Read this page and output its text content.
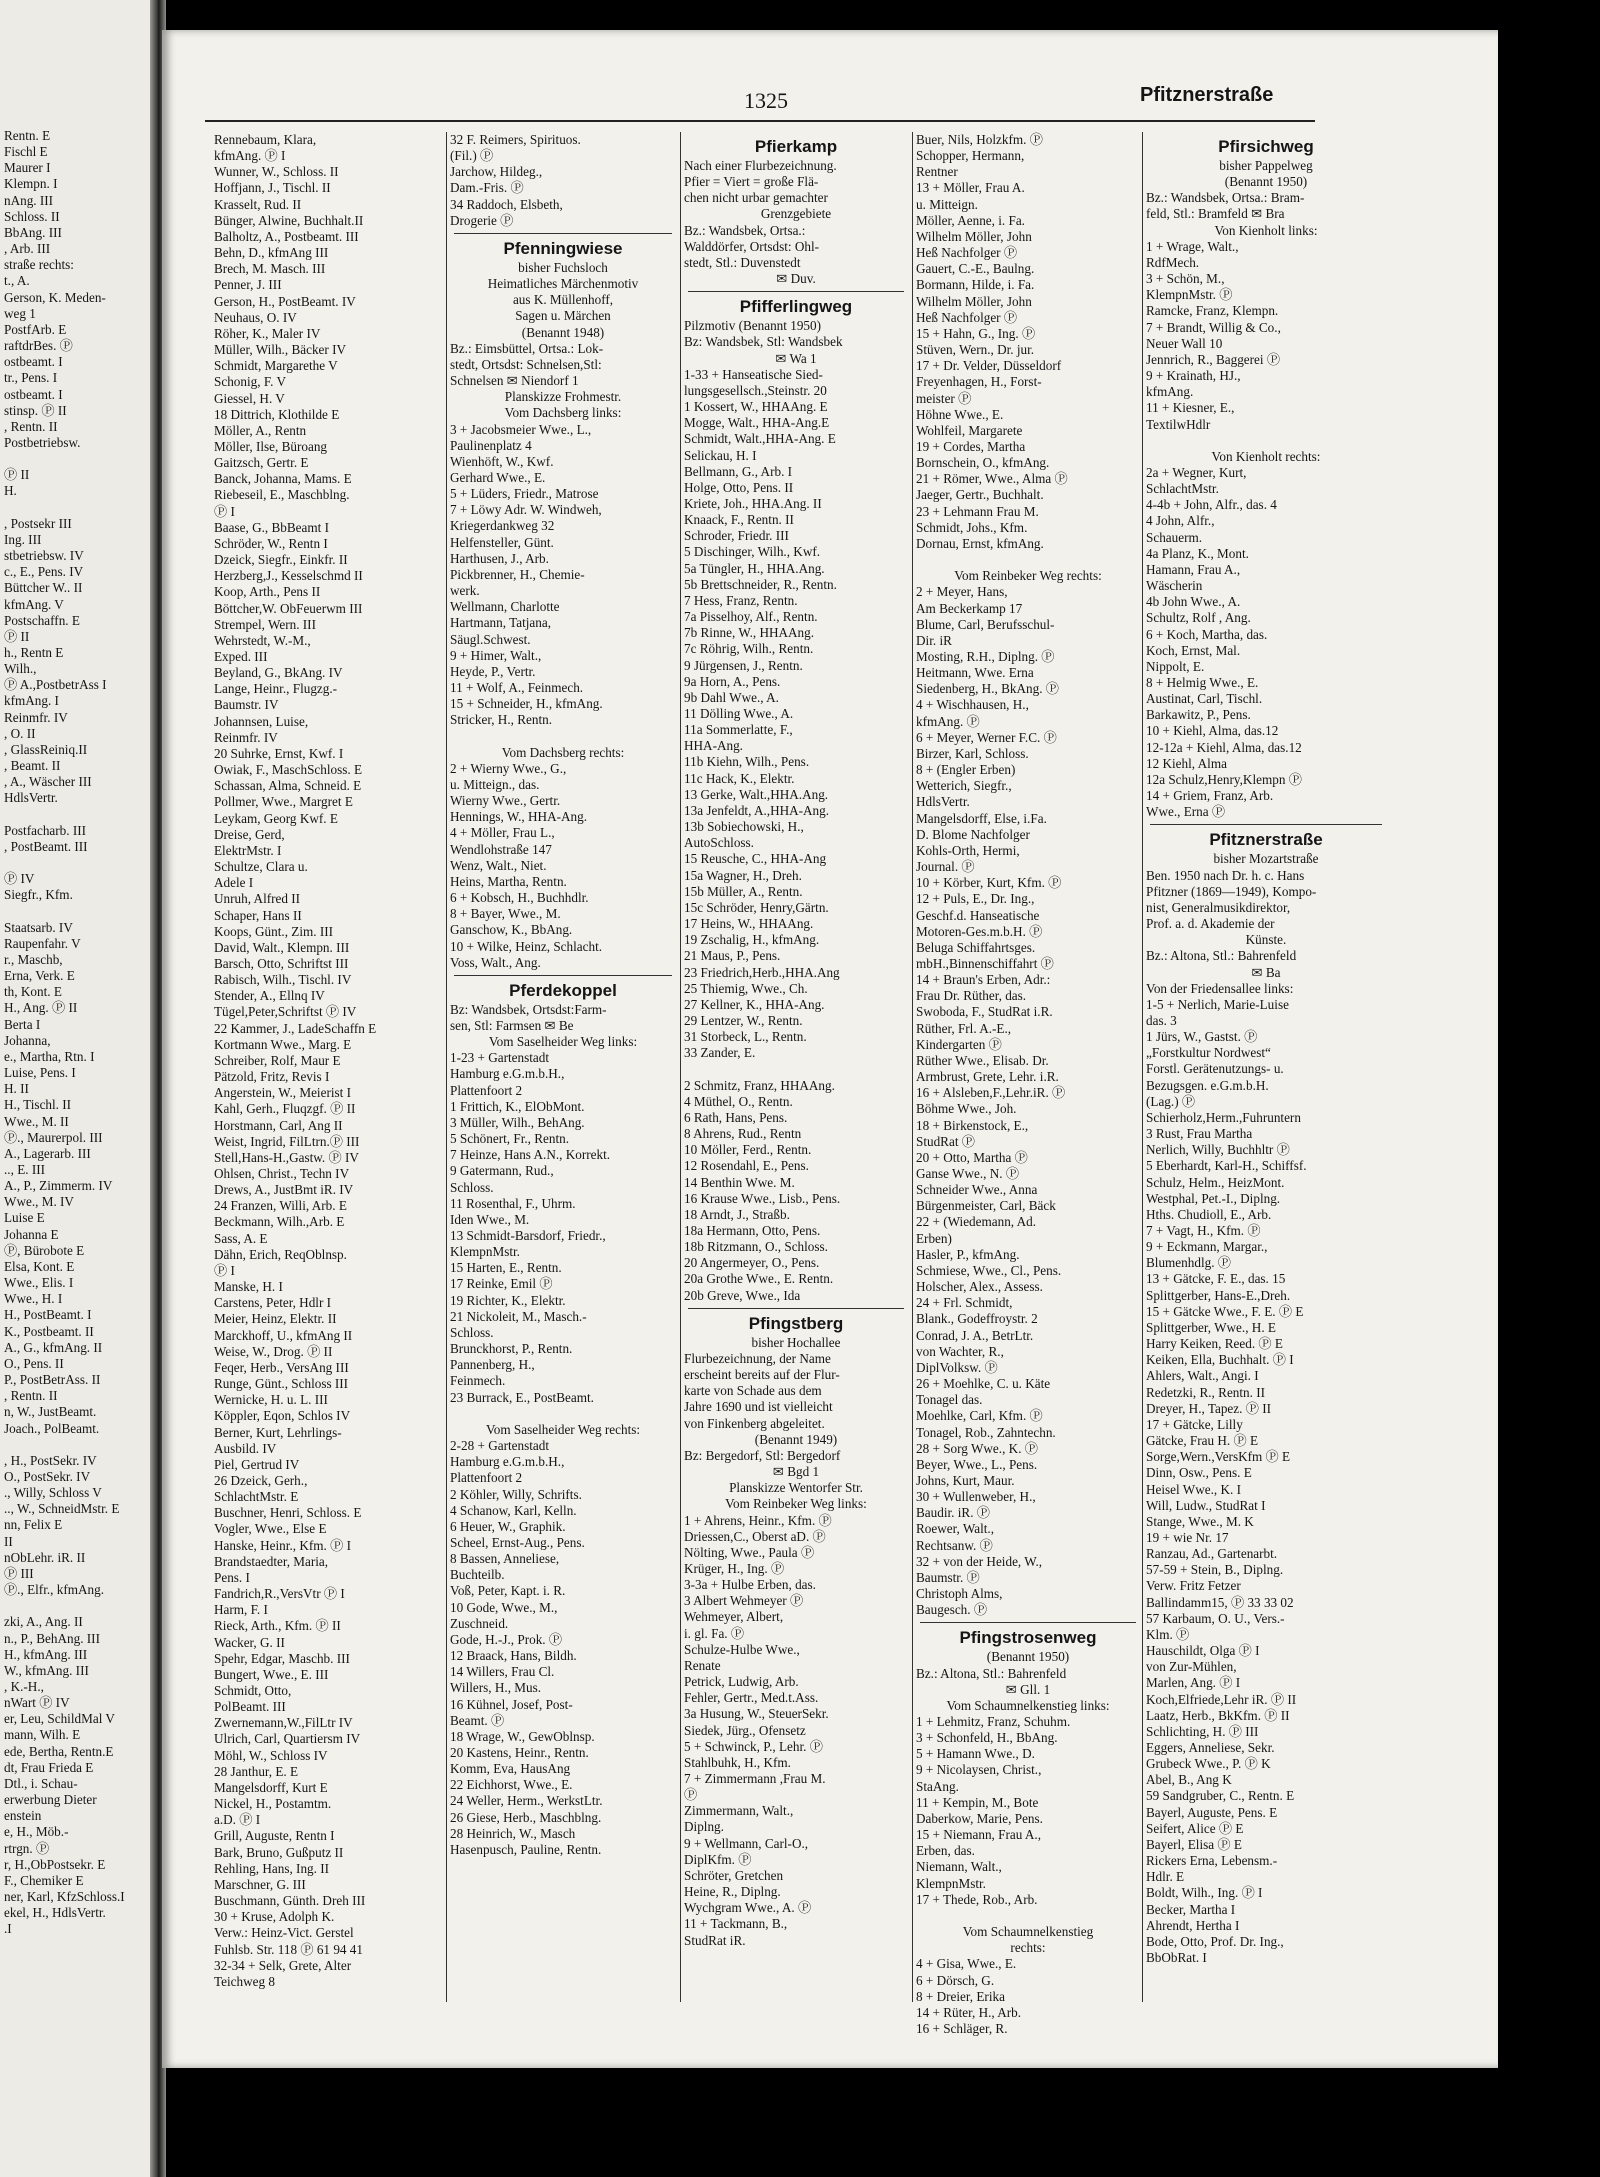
Rentn. E
Fischl E
Maurer I
Klempn. I
nAng. III
Schloss. II
BbAng. III
, Arb. III
straße rechts:
t., A.
Gerson, K. Meden-
weg 1
PostfArb. E
raftdrBes. Ⓟ
ostbeamt. I
tr., Pens. I
ostbeamt. I
stinsp. Ⓟ II
, Rentn. II
Postbetriebsw.

Ⓟ II
H.

, Postsekr III
Ing. III
stbetriebsw. IV
c., E., Pens. IV
Büttcher W.. II
kfmAng. V
Postschaffn. E
Ⓟ II
h., Rentn E
Wilh.,
Ⓟ A.,PostbetrAss I
kfmAng. I
Reinmfr. IV
, O. II
, GlassReiniq.II
, Beamt. II
, A., Wäscher III
HdlsVertr.

Postfacharb. III
, PostBeamt. III

Ⓟ IV
Siegfr., Kfm.

Staatsarb. IV
Raupenfahr. V
r., Maschb,
Erna, Verk. E
th, Kont. E
H., Ang. Ⓟ II
Berta I
Johanna,
e., Martha, Rtn. I
Luise, Pens. I
H. II
H., Tischl. II
Wwe., M. II
Ⓟ., Maurerpol. III
A., Lagerarb. III
.., E. III
A., P., Zimmerm. IV
Wwe., M. IV
Luise E
Johanna E
Ⓟ, Bürobote E
Elsa, Kont. E
Wwe., Elis. I
Wwe., H. I
H., PostBeamt. I
K., Postbeamt. II
A., G., kfmAng. II
O., Pens. II
P., PostBetrAss. II
, Rentn. II
n, W., JustBeamt.
Joach., PolBeamt.

, H., PostSekr. IV
O., PostSekr. IV
., Willy, Schloss V
.., W., SchneidMstr. E
nn, Felix E
II
nObLehr. iR. II
Ⓟ III
Ⓟ., Elfr., kfmAng.

zki, A., Ang. II
n., P., BehAng. III
H., kfmAng. III
W., kfmAng. III
, K.-H.,
nWart Ⓟ IV
er, Leu, SchildMal V
mann, Wilh. E
ede, Bertha, Rentn.E
dt, Frau Frieda E
Dtl., i. Schau-
erwerbung Dieter
enstein
e, H., Möb.-
rtrgn. Ⓟ
r, H.,ObPostsekr. E
F., Chemiker E
ner, Karl, KfzSchloss.I
ekel, H., HdlsVertr.
.I
1325	Pfitznerstraße
Rennebaum, Klara,
kfmAng. Ⓟ I
Wunner, W., Schloss. II
Hoffjann, J., Tischl. II
Krasselt, Rud. II
Bünger, Alwine, Buchhalt.II
Balholtz, A., Postbeamt. III
Behn, D., kfmAng III
Brech, M. Masch. III
Penner, J. III
Gerson, H., PostBeamt. IV
Neuhaus, O. IV
Röher, K., Maler IV
Müller, Wilh., Bäcker IV
Schmidt, Margarethe V
Schonig, F. V
Giessel, H. V
18 Dittrich, Klothilde E
Möller, A., Rentn
Möller, Ilse, Büroang
Gaitzsch, Gertr. E
Banck, Johanna, Mams. E
Riebeseil, E., Maschblng.
Ⓟ I
Baase, G., BbBeamt I
Schröder, W., Rentn I
Dzeick, Siegfr., Einkfr. II
Herzberg,J., Kesselschmd II
Koop, Arth., Pens II
Böttcher,W. ObFeuerwm III
Strempel, Wern. III
Wehrstedt, W.-M.,
Exped. III
Beyland, G., BkAng. IV
Lange, Heinr., Flugzg.-
Baumstr. IV
Johannsen, Luise,
Reinmfr. IV
20 Suhrke, Ernst, Kwf. I
Owiak, F., MaschSchloss. E
Schassan, Alma, Schneid. E
Pollmer, Wwe., Margret E
Leykam, Georg Kwf. E
Dreise, Gerd,
ElektrMstr. I
Schultze, Clara u.
Adele I
Unruh, Alfred II
Schaper, Hans II
Koops, Günt., Zim. III
David, Walt., Klempn. III
Barsch, Otto, Schriftst III
Rabisch, Wilh., Tischl. IV
Stender, A., Ellnq IV
Tügel,Peter,Schriftst Ⓟ IV
22 Kammer, J., LadeSchaffn E
Kortmann Wwe., Marg. E
Schreiber, Rolf, Maur E
Pätzold, Fritz, Revis I
Angerstein, W., Meierist I
Kahl, Gerh., Fluqzgf. Ⓟ II
Horstmann, Carl, Ang II
Weist, Ingrid, FilLtrn.Ⓟ III
Stell,Hans-H.,Gastw. Ⓟ IV
Ohlsen, Christ., Techn IV
Drews, A., JustBmt iR. IV
24 Franzen, Willi, Arb. E
Beckmann, Wilh.,Arb. E
Sass, A. E
Dähn, Erich, ReqOblnsp.
Ⓟ I
Manske, H. I
Carstens, Peter, Hdlr I
Meier, Heinz, Elektr. II
Marckhoff, U., kfmAng II
Weise, W., Drog. Ⓟ II
Feqer, Herb., VersAng III
Runge, Günt., Schloss III
Wernicke, H. u. L. III
Köppler, Eqon, Schlos IV
Berner, Kurt, Lehrlings-
Ausbild. IV
Piel, Gertrud IV
26 Dzeick, Gerh.,
SchlachtMstr. E
Buschner, Henri, Schloss. E
Vogler, Wwe., Else E
Hanske, Heinr., Kfm. Ⓟ I
Brandstaedter, Maria,
Pens. I
Fandrich,R.,VersVtr Ⓟ I
Harm, F. I
Rieck, Arth., Kfm. Ⓟ II
Wacker, G. II
Spehr, Edgar, Maschb. III
Bungert, Wwe., E. III
Schmidt, Otto,
PolBeamt. III
Zwernemann,W.,FilLtr IV
Ulrich, Carl, Quartiersm IV
Möhl, W., Schloss IV
28 Janthur, E. E
Mangelsdorff, Kurt E
Nickel, H., Postamtm.
a.D. Ⓟ I
Grill, Auguste, Rentn I
Bark, Bruno, Gußputz II
Rehling, Hans, Ing. II
Marschner, G. III
Buschmann, Günth. Dreh III
30 + Kruse, Adolph K.
Verw.: Heinz-Vict. Gerstel
Fuhlsb. Str. 118 Ⓟ 61 94 41
32-34 + Selk, Grete, Alter
Teichweg 8
32 F. Reimers, Spirituos.
(Fil.) Ⓟ
Jarchow, Hildeg.,
Dam.-Fris. Ⓟ
34 Raddoch, Elsbeth,
Drogerie Ⓟ
Pfenningwiese
bisher Fuchsloch
Heimatliches Märchenmotiv
aus K. Müllenhoff,
Sagen u. Märchen
(Benannt 1948)
Bz.: Eimsbüttel, Ortsa.: Lok-
stedt, Ortsdst: Schnelsen,Stl:
Schnelsen ✉ Niendorf 1
Planskizze Frohmestr.
Vom Dachsberg links:
3 + Jacobsmeier Wwe., L.,
Paulinenplatz 4
Wienhöft, W., Kwf.
Gerhard Wwe., E.
5 + Lüders, Friedr., Matrose
7 + Löwy Adr. W. Windweh,
Kriegerdankweg 32
Helfensteller, Günt.
Harthusen, J., Arb.
Pickbrenner, H., Chemie-
werk.
Wellmann, Charlotte
Hartmann, Tatjana,
Säugl.Schwest.
9 + Himer, Walt.,
Heyde, P., Vertr.
11 + Wolf, A., Feinmech.
15 + Schneider, H., kfmAng.
Stricker, H., Rentn.

Vom Dachsberg rechts:
2 + Wierny Wwe., G.,
u. Mitteign., das.
Wierny Wwe., Gertr.
Hennings, W., HHA-Ang.
4 + Möller, Frau L.,
Wendlohstraße 147
Wenz, Walt., Niet.
Heins, Martha, Rentn.
6 + Kobsch, H., Buchhdlr.
8 + Bayer, Wwe., M.
Ganschow, K., BbAng.
10 + Wilke, Heinz, Schlacht.
Voss, Walt., Ang.
Pferdekoppel
Bz: Wandsbek, Ortsdst:Farm-
sen, Stl: Farmsen ✉ Be
Vom Saselheider Weg links:
1-23 + Gartenstadt
Hamburg e.G.m.b.H.,
Plattenfoort 2
1 Frittich, K., ElObMont.
3 Müller, Wilh., BehAng.
5 Schönert, Fr., Rentn.
7 Heinze, Hans A.N., Korrekt.
9 Gatermann, Rud.,
Schloss.
11 Rosenthal, F., Uhrm.
Iden Wwe., M.
13 Schmidt-Barsdorf, Friedr.,
KlempnMstr.
15 Harten, E., Rentn.
17 Reinke, Emil Ⓟ
19 Richter, K., Elektr.
21 Nickoleit, M., Masch.-
Schloss.
Brunckhorst, P., Rentn.
Pannenberg, H.,
Feinmech.
23 Burrack, E., PostBeamt.

Vom Saselheider Weg rechts:
2-28 + Gartenstadt
Hamburg e.G.m.b.H.,
Plattenfoort 2
2 Köhler, Willy, Schrifts.
4 Schanow, Karl, Kelln.
6 Heuer, W., Graphik.
Scheel, Ernst-Aug., Pens.
8 Bassen, Anneliese,
Buchteilb.
Voß, Peter, Kapt. i. R.
10 Gode, Wwe., M.,
Zuschneid.
Gode, H.-J., Prok. Ⓟ
12 Braack, Hans, Bildh.
14 Willers, Frau Cl.
Willers, H., Mus.
16 Kühnel, Josef, Post-
Beamt. Ⓟ
18 Wrage, W., GewOblnsp.
20 Kastens, Heinr., Rentn.
Komm, Eva, HausAng
22 Eichhorst, Wwe., E.
24 Weller, Herm., WerkstLtr.
26 Giese, Herb., Maschblng.
28 Heinrich, W., Masch
Hasenpusch, Pauline, Rentn.
Pfierkamp
Nach einer Flurbezeichnung.
Pfier = Viert = große Flä-
chen nicht urbar gemachter
Grenzgebiete
Bz.: Wandsbek, Ortsa.:
Walddörfer, Ortsdst: Ohl-
stedt, Stl.: Duvenstedt
✉ Duv.
Pfifferlingweg
Pilzmotiv (Benannt 1950)
Bz: Wandsbek, Stl: Wandsbek
✉ Wa 1
1-33 + Hanseatische Sied-
lungsgesellsch.,Steinstr. 20
1 Kossert, W., HHAAng. E
Mogge, Walt., HHA-Ang.E
Schmidt, Walt.,HHA-Ang. E
Selickau, H. I
Bellmann, G., Arb. I
Holge, Otto, Pens. II
Kriete, Joh., HHA.Ang. II
Knaack, F., Rentn. II
Schroder, Friedr. III
5 Dischinger, Wilh., Kwf.
5a Tüngler, H., HHA.Ang.
5b Brettschneider, R., Rentn.
7 Hess, Franz, Rentn.
7a Pisselhoy, Alf., Rentn.
7b Rinne, W., HHAAng.
7c Röhrig, Wilh., Rentn.
9 Jürgensen, J., Rentn.
9a Horn, A., Pens.
9b Dahl Wwe., A.
11 Dölling Wwe., A.
11a Sommerlatte, F.,
HHA-Ang.
11b Kiehn, Wilh., Pens.
11c Hack, K., Elektr.
13 Gerke, Walt.,HHA.Ang.
13a Jenfeldt, A.,HHA-Ang.
13b Sobiechowski, H.,
AutoSchloss.
15 Reusche, C., HHA-Ang
15a Wagner, H., Dreh.
15b Müller, A., Rentn.
15c Schröder, Henry,Gärtn.
17 Heins, W., HHAAng.
19 Zschalig, H., kfmAng.
21 Maus, P., Pens.
23 Friedrich,Herb.,HHA.Ang
25 Thiemig, Wwe., Ch.
27 Kellner, K., HHA-Ang.
29 Lentzer, W., Rentn.
31 Storbeck, L., Rentn.
33 Zander, E.

2 Schmitz, Franz, HHAAng.
4 Müthel, O., Rentn.
6 Rath, Hans, Pens.
8 Ahrens, Rud., Rentn
10 Möller, Ferd., Rentn.
12 Rosendahl, E., Pens.
14 Benthin Wwe. M.
16 Krause Wwe., Lisb., Pens.
18 Arndt, J., Straßb.
18a Hermann, Otto, Pens.
18b Ritzmann, O., Schloss.
20 Angermeyer, O., Pens.
20a Grothe Wwe., E. Rentn.
20b Greve, Wwe., Ida
Pfingstberg
bisher Hochallee
Flurbezeichnung, der Name
erscheint bereits auf der Flur-
karte von Schade aus dem
Jahre 1690 und ist vielleicht
von Finkenberg abgeleitet.
(Benannt 1949)
Bz: Bergedorf, Stl: Bergedorf
✉ Bgd 1
Planskizze Wentorfer Str.
Vom Reinbeker Weg links:
1 + Ahrens, Heinr., Kfm. Ⓟ
Driessen,C., Oberst aD. Ⓟ
Nölting, Wwe., Paula Ⓟ
Krüger, H., Ing. Ⓟ
3-3a + Hulbe Erben, das.
3 Albert Wehmeyer Ⓟ
Wehmeyer, Albert,
i. gl. Fa. Ⓟ
Schulze-Hulbe Wwe.,
Renate
Petrick, Ludwig, Arb.
Fehler, Gertr., Med.t.Ass.
3a Husung, W., SteuerSekr.
Siedek, Jürg., Ofensetz
5 + Schwinck, P., Lehr. Ⓟ
Stahlbuhk, H., Kfm.
7 + Zimmermann ,Frau M.
Ⓟ
Zimmermann, Walt.,
Diplng.
9 + Wellmann, Carl-O.,
DiplKfm. Ⓟ
Schröter, Gretchen
Heine, R., Diplng.
Wychgram Wwe., A. Ⓟ
11 + Tackmann, B.,
StudRat iR.
Buer, Nils, Holzkfm. Ⓟ
Schopper, Hermann,
Rentner
13 + Möller, Frau A.
u. Mitteign.
Möller, Aenne, i. Fa.
Wilhelm Möller, John
Heß Nachfolger Ⓟ
Gauert, C.-E., Baulng.
Bormann, Hilde, i. Fa.
Wilhelm Möller, John
Heß Nachfolger Ⓟ
15 + Hahn, G., Ing. Ⓟ
Stüven, Wern., Dr. jur.
17 + Dr. Velder, Düsseldorf
Freyenhagen, H., Forst-
meister Ⓟ
Höhne Wwe., E.
Wohlfeil, Margarete
19 + Cordes, Martha
Bornschein, O., kfmAng.
21 + Römer, Wwe., Alma Ⓟ
Jaeger, Gertr., Buchhalt.
23 + Lehmann Frau M.
Schmidt, Johs., Kfm.
Dornau, Ernst, kfmAng.

Vom Reinbeker Weg rechts:
2 + Meyer, Hans,
Am Beckerkamp 17
Blume, Carl, Berufsschul-
Dir. iR
Mosting, R.H., Diplng. Ⓟ
Heitmann, Wwe. Erna
Siedenberg, H., BkAng. Ⓟ
4 + Wischhausen, H.,
kfmAng. Ⓟ
6 + Meyer, Werner F.C. Ⓟ
Birzer, Karl, Schloss.
8 + (Engler Erben)
Wetterich, Siegfr.,
HdlsVertr.
Mangelsdorff, Else, i.Fa.
D. Blome Nachfolger
Kohls-Orth, Hermi,
Journal. Ⓟ
10 + Körber, Kurt, Kfm. Ⓟ
12 + Puls, E., Dr. Ing.,
Geschf.d. Hanseatische
Motoren-Ges.m.b.H. Ⓟ
Beluga Schiffahrtsges.
mbH.,Binnenschiffahrt Ⓟ
14 + Braun's Erben, Adr.:
Frau Dr. Rüther, das.
Swoboda, F., StudRat i.R.
Rüther, Frl. A.-E.,
Kindergarten Ⓟ
Rüther Wwe., Elisab. Dr.
Armbrust, Grete, Lehr. i.R.
16 + Alsleben,F.,Lehr.iR. Ⓟ
Böhme Wwe., Joh.
18 + Birkenstock, E.,
StudRat Ⓟ
20 + Otto, Martha Ⓟ
Ganse Wwe., N. Ⓟ
Schneider Wwe., Anna
Bürgenmeister, Carl, Bäck
22 + (Wiedemann, Ad.
Erben)
Hasler, P., kfmAng.
Schmiese, Wwe., Cl., Pens.
Holscher, Alex., Assess.
24 + Frl. Schmidt,
Blank., Godeffroystr. 2
Conrad, J. A., BetrLtr.
von Wachter, R.,
DiplVolksw. Ⓟ
26 + Moehlke, C. u. Käte
Tonagel das.
Moehlke, Carl, Kfm. Ⓟ
Tonagel, Rob., Zahntechn.
28 + Sorg Wwe., K. Ⓟ
Beyer, Wwe., L., Pens.
Johns, Kurt, Maur.
30 + Wullenweber, H.,
Baudir. iR. Ⓟ
Roewer, Walt.,
Rechtsanw. Ⓟ
32 + von der Heide, W.,
Baumstr. Ⓟ
Christoph Alms,
Baugesch. Ⓟ
Pfingstrosenweg
(Benannt 1950)
Bz.: Altona, Stl.: Bahrenfeld
✉ Gll. 1
Vom Schaumnelkenstieg links:
1 + Lehmitz, Franz, Schuhm.
3 + Schonfeld, H., BbAng.
5 + Hamann Wwe., D.
9 + Nicolaysen, Christ.,
StaAng.
11 + Kempin, M., Bote
Daberkow, Marie, Pens.
15 + Niemann, Frau A.,
Erben, das.
Niemann, Walt.,
KlempnMstr.
17 + Thede, Rob., Arb.

Vom Schaumnelkenstieg
rechts:
4 + Gisa, Wwe., E.
6 + Dörsch, G.
8 + Dreier, Erika
14 + Rüter, H., Arb.
16 + Schläger, R.
Pfirsichweg
bisher Pappelweg
(Benannt 1950)
Bz.: Wandsbek, Ortsa.: Bram-
feld, Stl.: Bramfeld ✉ Bra
Von Kienholt links:
1 + Wrage, Walt.,
RdfMech.
3 + Schön, M.,
KlempnMstr. Ⓟ
Ramcke, Franz, Klempn.
7 + Brandt, Willig & Co.,
Neuer Wall 10
Jennrich, R., Baggerei Ⓟ
9 + Krainath, HJ.,
kfmAng.
11 + Kiesner, E.,
TextilwHdlr

Von Kienholt rechts:
2a + Wegner, Kurt,
SchlachtMstr.
4-4b + John, Alfr., das. 4
4 John, Alfr.,
Schauerm.
4a Planz, K., Mont.
Hamann, Frau A.,
Wäscherin
4b John Wwe., A.
Schultz, Rolf , Ang.
6 + Koch, Martha, das.
Koch, Ernst, Mal.
Nippolt, E.
8 + Helmig Wwe., E.
Austinat, Carl, Tischl.
Barkawitz, P., Pens.
10 + Kiehl, Alma, das.12
12-12a + Kiehl, Alma, das.12
12 Kiehl, Alma
12a Schulz,Henry,Klempn Ⓟ
14 + Griem, Franz, Arb.
Wwe., Erna Ⓟ
Pfitznerstraße
bisher Mozartstraße
Ben. 1950 nach Dr. h. c. Hans
Pfitzner (1869—1949), Kompo-
nist, Generalmusikdirektor,
Prof. a. d. Akademie der
Künste.
Bz.: Altona, Stl.: Bahrenfeld
✉ Ba
Von der Friedensallee links:
1-5 + Nerlich, Marie-Luise
das. 3
1 Jürs, W., Gastst. Ⓟ
„Forstkultur Nordwest“
Forstl. Gerätenutzungs- u.
Bezugsgen. e.G.m.b.H.
(Lag.) Ⓟ
Schierholz,Herm.,Fuhruntern
3 Rust, Frau Martha
Nerlich, Willy, Buchhltr Ⓟ
5 Eberhardt, Karl-H., Schiffsf.
Schulz, Helm., HeizMont.
Westphal, Pet.-I., Diplng.
Hths. Chudioll, E., Arb.
7 + Vagt, H., Kfm. Ⓟ
9 + Eckmann, Margar.,
Blumenhdlg. Ⓟ
13 + Gätcke, F. E., das. 15
Splittgerber, Hans-E.,Dreh.
15 + Gätcke Wwe., F. E. Ⓟ E
Splittgerber, Wwe., H. E
Harry Keiken, Reed. Ⓟ E
Keiken, Ella, Buchhalt. Ⓟ I
Ahlers, Walt., Angi. I
Redetzki, R., Rentn. II
Dreyer, H., Tapez. Ⓟ II
17 + Gätcke, Lilly
Gätcke, Frau H. Ⓟ E
Sorge,Wern.,VersKfm Ⓟ E
Dinn, Osw., Pens. E
Heisel Wwe., K. I
Will, Ludw., StudRat I
Stange, Wwe., M. K
19 + wie Nr. 17
Ranzau, Ad., Gartenarbt.
57-59 + Stein, B., Diplng.
Verw. Fritz Fetzer
Ballindamm15, Ⓟ 33 33 02
57 Karbaum, O. U., Vers.-
Klm. Ⓟ
Hauschildt, Olga Ⓟ I
von Zur-Mühlen,
Marlen, Ang. Ⓟ I
Koch,Elfriede,Lehr iR. Ⓟ II
Laatz, Herb., BkKfm. Ⓟ II
Schlichting, H. Ⓟ III
Eggers, Anneliese, Sekr.
Grubeck Wwe., P. Ⓟ K
Abel, B., Ang K
59 Sandgruber, C., Rentn. E
Bayerl, Auguste, Pens. E
Seifert, Alice Ⓟ E
Bayerl, Elisa Ⓟ E
Rickers Erna, Lebensm.-
Hdlr. E
Boldt, Wilh., Ing. Ⓟ I
Becker, Martha I
Ahrendt, Hertha I
Bode, Otto, Prof. Dr. Ing.,
BbObRat. I
